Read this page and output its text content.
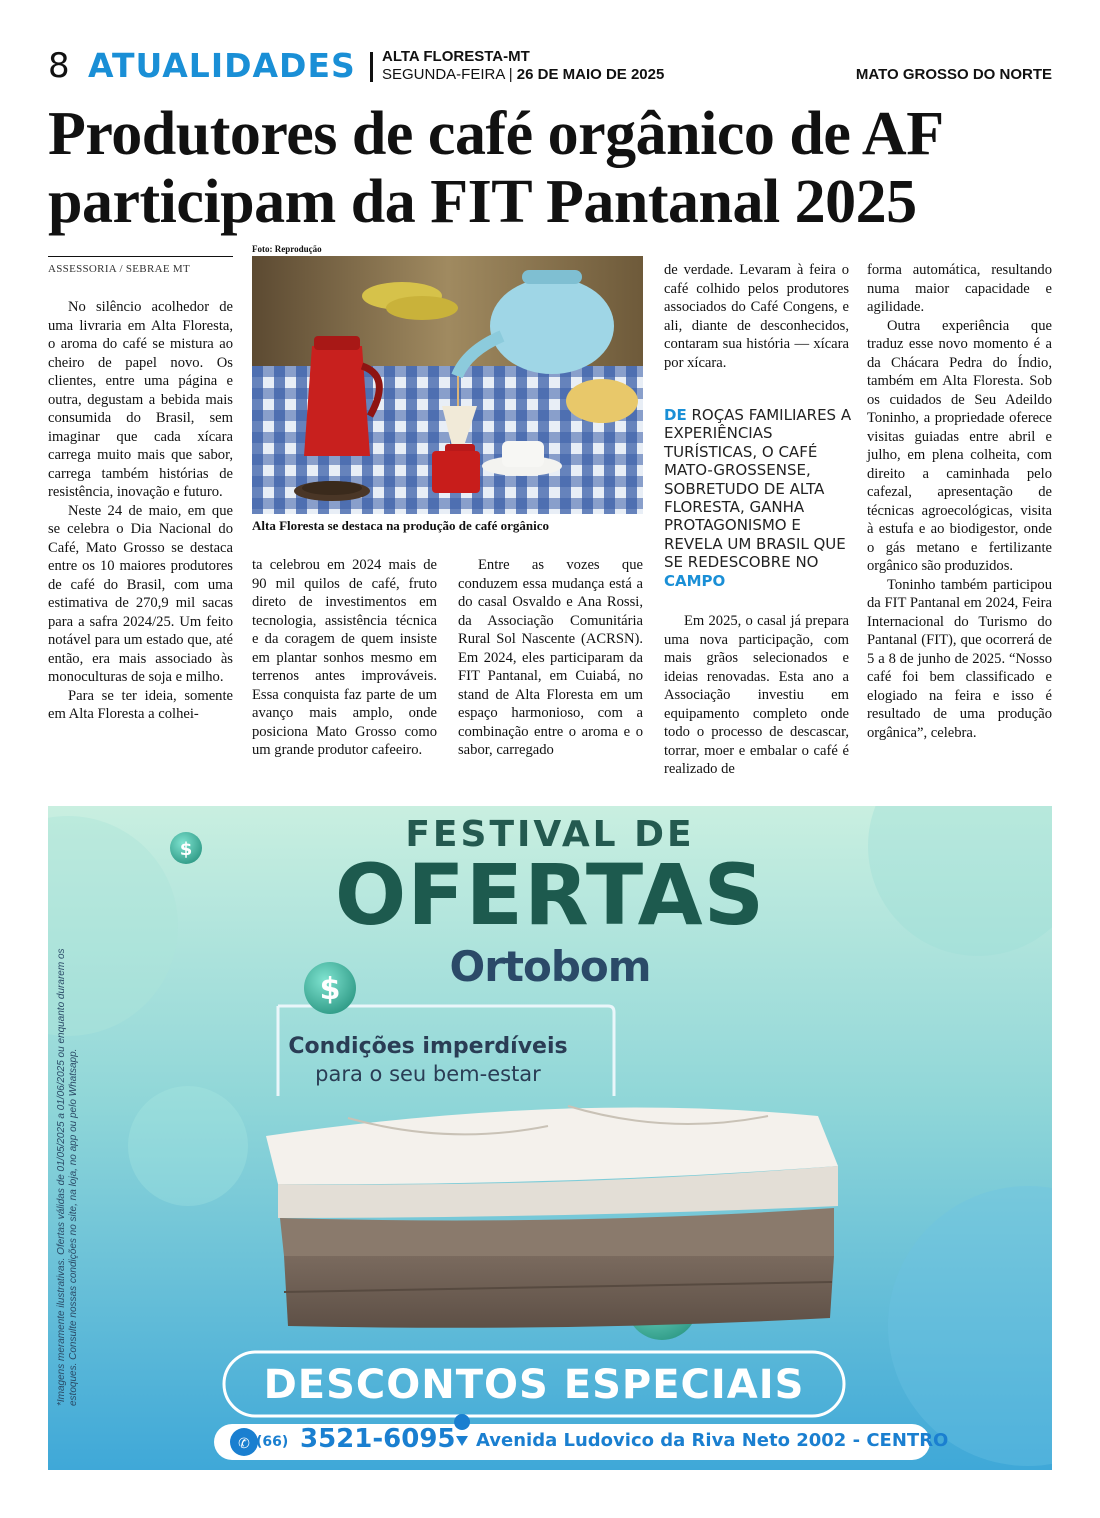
8 ATUALIDADES ALTA FLORESTA-MT
SEGUNDA-FEIRA | 26 DE MAIO DE 2025	MATO GROSSO DO NORTE
Produtores de café orgânico de AF
participam da FIT Pantanal 2025
ASSESSORIA / SEBRAE MT

No silêncio acolhedor de uma livraria em Alta Floresta, o aroma do café se mistura ao cheiro de papel novo. Os clientes, entre uma página e outra, degustam a bebida mais consumida do Brasil, sem imaginar que cada xícara carrega muito mais que sabor, carrega também histórias de resistência, inovação e futuro.

Neste 24 de maio, em que se celebra o Dia Nacional do Café, Mato Grosso se destaca entre os 10 maiores produtores de café do Brasil, com uma estimativa de 270,9 mil sacas para a safra 2024/25. Um feito notável para um estado que, até então, era mais associado às monoculturas de soja e milho.

Para se ter ideia, somente em Alta Floresta a colhei-

Foto: Reprodução
Alta Floresta se destaca na produção de café orgânico

ta celebrou em 2024 mais de 90 mil quilos de café, fruto direto de investimentos em tecnologia, assistência técnica e da coragem de quem insiste em plantar sonhos mesmo em terrenos antes improváveis. Essa conquista faz parte de um avanço mais amplo, onde posiciona Mato Grosso como um grande produtor cafeeiro.

Entre as vozes que conduzem essa mudança está a do casal Osvaldo e Ana Rossi, da Associação Comunitária Rural Sol Nascente (ACRSN). Em 2024, eles participaram da FIT Pantanal, em Cuiabá, no stand de Alta Floresta em um espaço harmonioso, com a combinação entre o aroma e o sabor, carregado

de verdade. Levaram à feira o café colhido pelos produtores associados do Café Congens, e ali, diante de desconhecidos, contaram sua história — xícara por xícara.

DE ROÇAS FAMILIARES A EXPERIÊNCIAS TURÍSTICAS, O CAFÉ MATO-GROSSENSE, SOBRETUDO DE ALTA FLORESTA, GANHA PROTAGONISMO E REVELA UM BRASIL QUE SE REDESCOBRE NO CAMPO

Em 2025, o casal já prepara uma nova participação, com mais grãos selecionados e ideias renovadas. Esta ano a Associação investiu em equipamento completo onde todo o processo de descascar, torrar, moer e embalar o café é realizado de

forma automática, resultando numa maior capacidade e agilidade.

Outra experiência que traduz esse novo momento é a da Chácara Pedra do Índio, também em Alta Floresta. Sob os cuidados de Seu Adeildo Toninho, a propriedade oferece visitas guiadas entre abril e julho, em plena colheita, com direito a caminhada pelo cafezal, apresentação de técnicas agroecológicas, visita à estufa e ao biodigestor, onde o gás metano e fertilizante orgânico são produzidos.

Toninho também participou da FIT Pantanal em 2024, Feira Internacional do Turismo do Pantanal (FIT), que ocorrerá de 5 a 8 de junho de 2025. “Nosso café foi bem classificado e elogiado na feira e isso é resultado de uma produção orgânica”, celebra.

$
$
✆
FESTIVAL DE
OFERTAS
Ortobom
Condições imperdíveis
para o seu bem-estar
DESCONTOS ESPECIAIS
(66) 3521-6095 Avenida Ludovico da Riva Neto 2002 - CENTRO
*Imagens meramente ilustrativas. Ofertas válidas de 01/05/2025 a 01/06/2025 ou enquanto durarem os estoques. Consulte nossas condições no site, na loja, no app ou pelo Whatsapp.
